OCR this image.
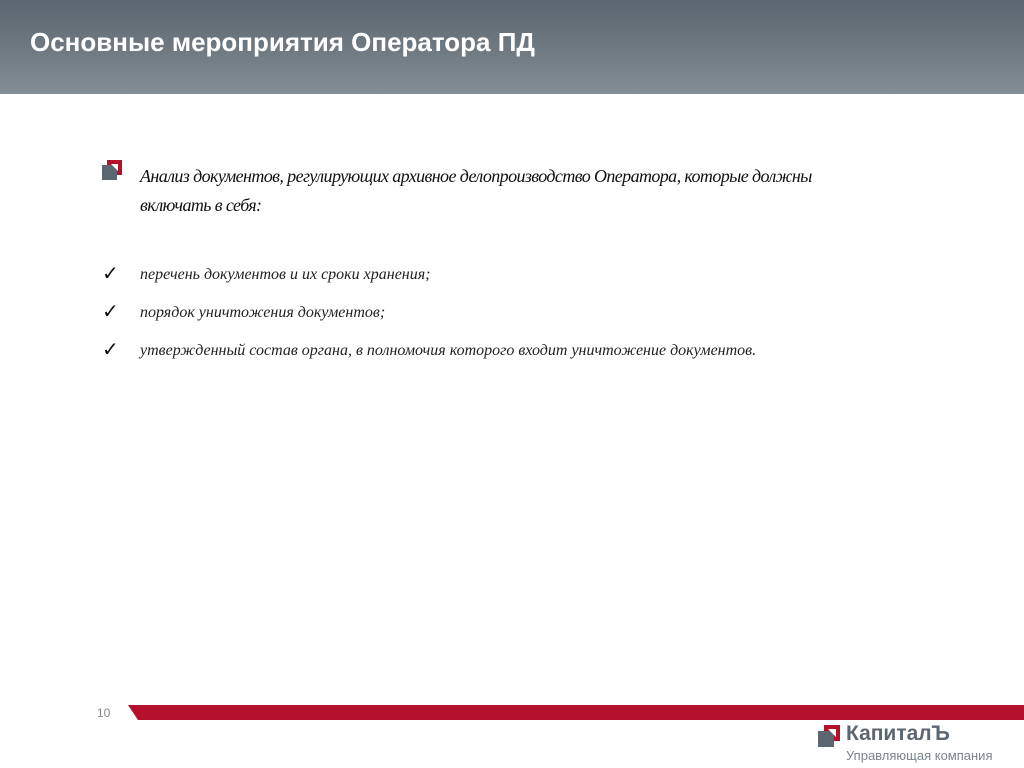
Основные мероприятия Оператора ПД
Анализ документов, регулирующих архивное делопроизводство Оператора, которые должны включать в себя:
✓ перечень документов и их сроки хранения;
✓ порядок уничтожения документов;
✓ утвержденный состав органа, в полномочия которого входит уничтожение документов.
10
КапиталЪ
Управляющая компания
